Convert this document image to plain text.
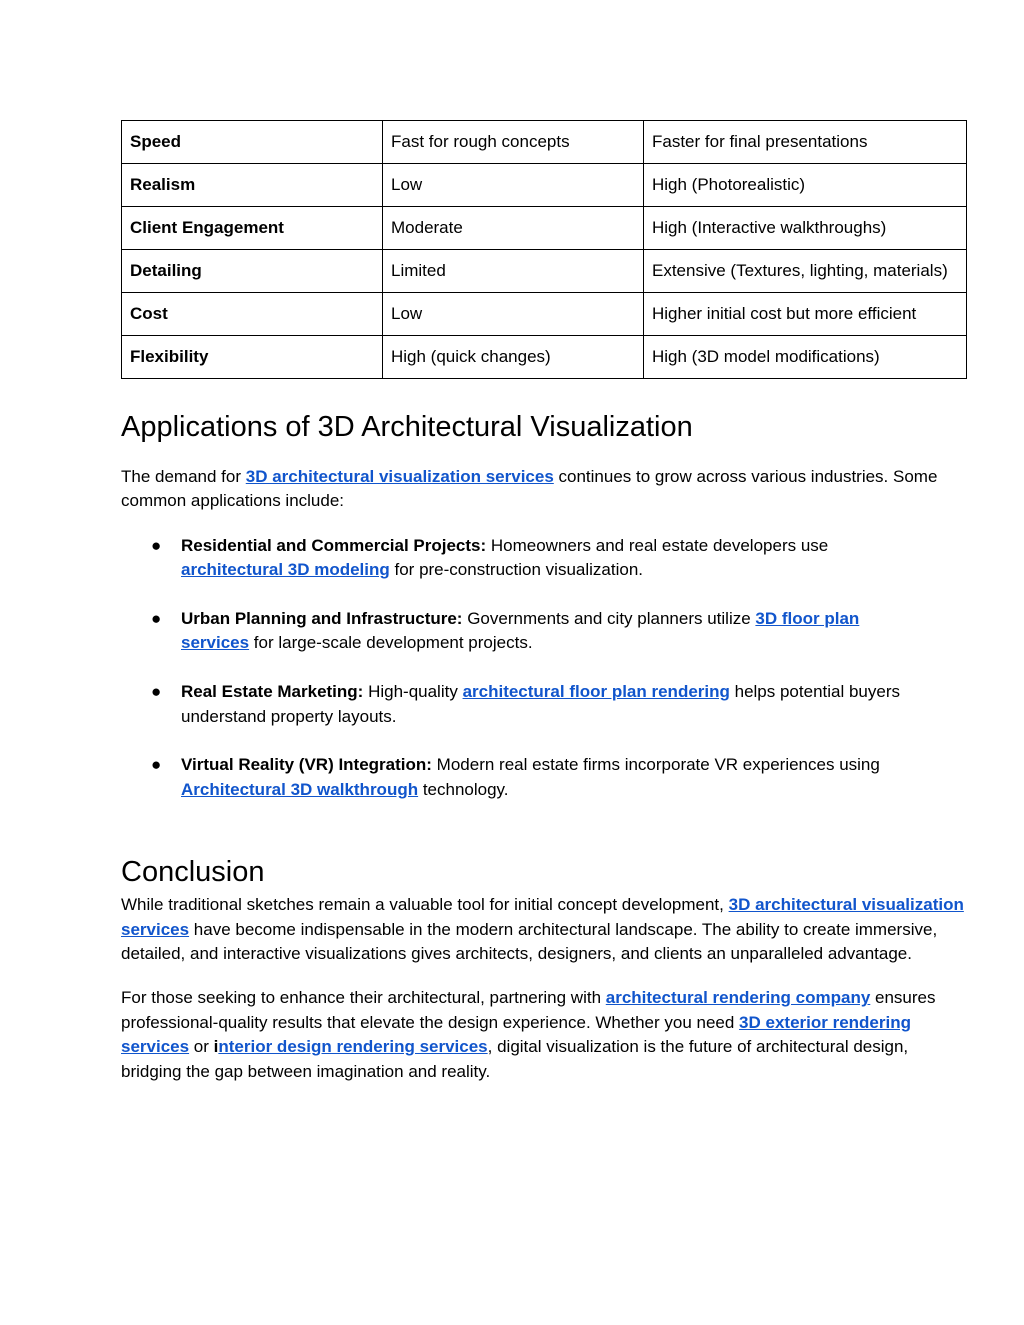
Speed	Fast for rough concepts	Faster for final presentations
Realism	Low	High (Photorealistic)
Client Engagement	Moderate	High (Interactive walkthroughs)
Detailing	Limited	Extensive (Textures, lighting, materials)
Cost	Low	Higher initial cost but more efficient
Flexibility	High (quick changes)	High (3D model modifications)
Applications of 3D Architectural Visualization

The demand for 3D architectural visualization services continues to grow across various industries. Some common applications include:

● Residential and Commercial Projects: Homeowners and real estate developers use architectural 3D modeling for pre-construction visualization.
● Urban Planning and Infrastructure: Governments and city planners utilize 3D floor plan services for large-scale development projects.
● Real Estate Marketing: High-quality architectural floor plan rendering helps potential buyers understand property layouts.
● Virtual Reality (VR) Integration: Modern real estate firms incorporate VR experiences using Architectural 3D walkthrough technology.
Conclusion

While traditional sketches remain a valuable tool for initial concept development, 3D architectural visualization services have become indispensable in the modern architectural landscape. The ability to create immersive, detailed, and interactive visualizations gives architects, designers, and clients an unparalleled advantage.

For those seeking to enhance their architectural, partnering with architectural rendering company ensures professional-quality results that elevate the design experience. Whether you need 3D exterior rendering services or interior design rendering services, digital visualization is the future of architectural design, bridging the gap between imagination and reality.
